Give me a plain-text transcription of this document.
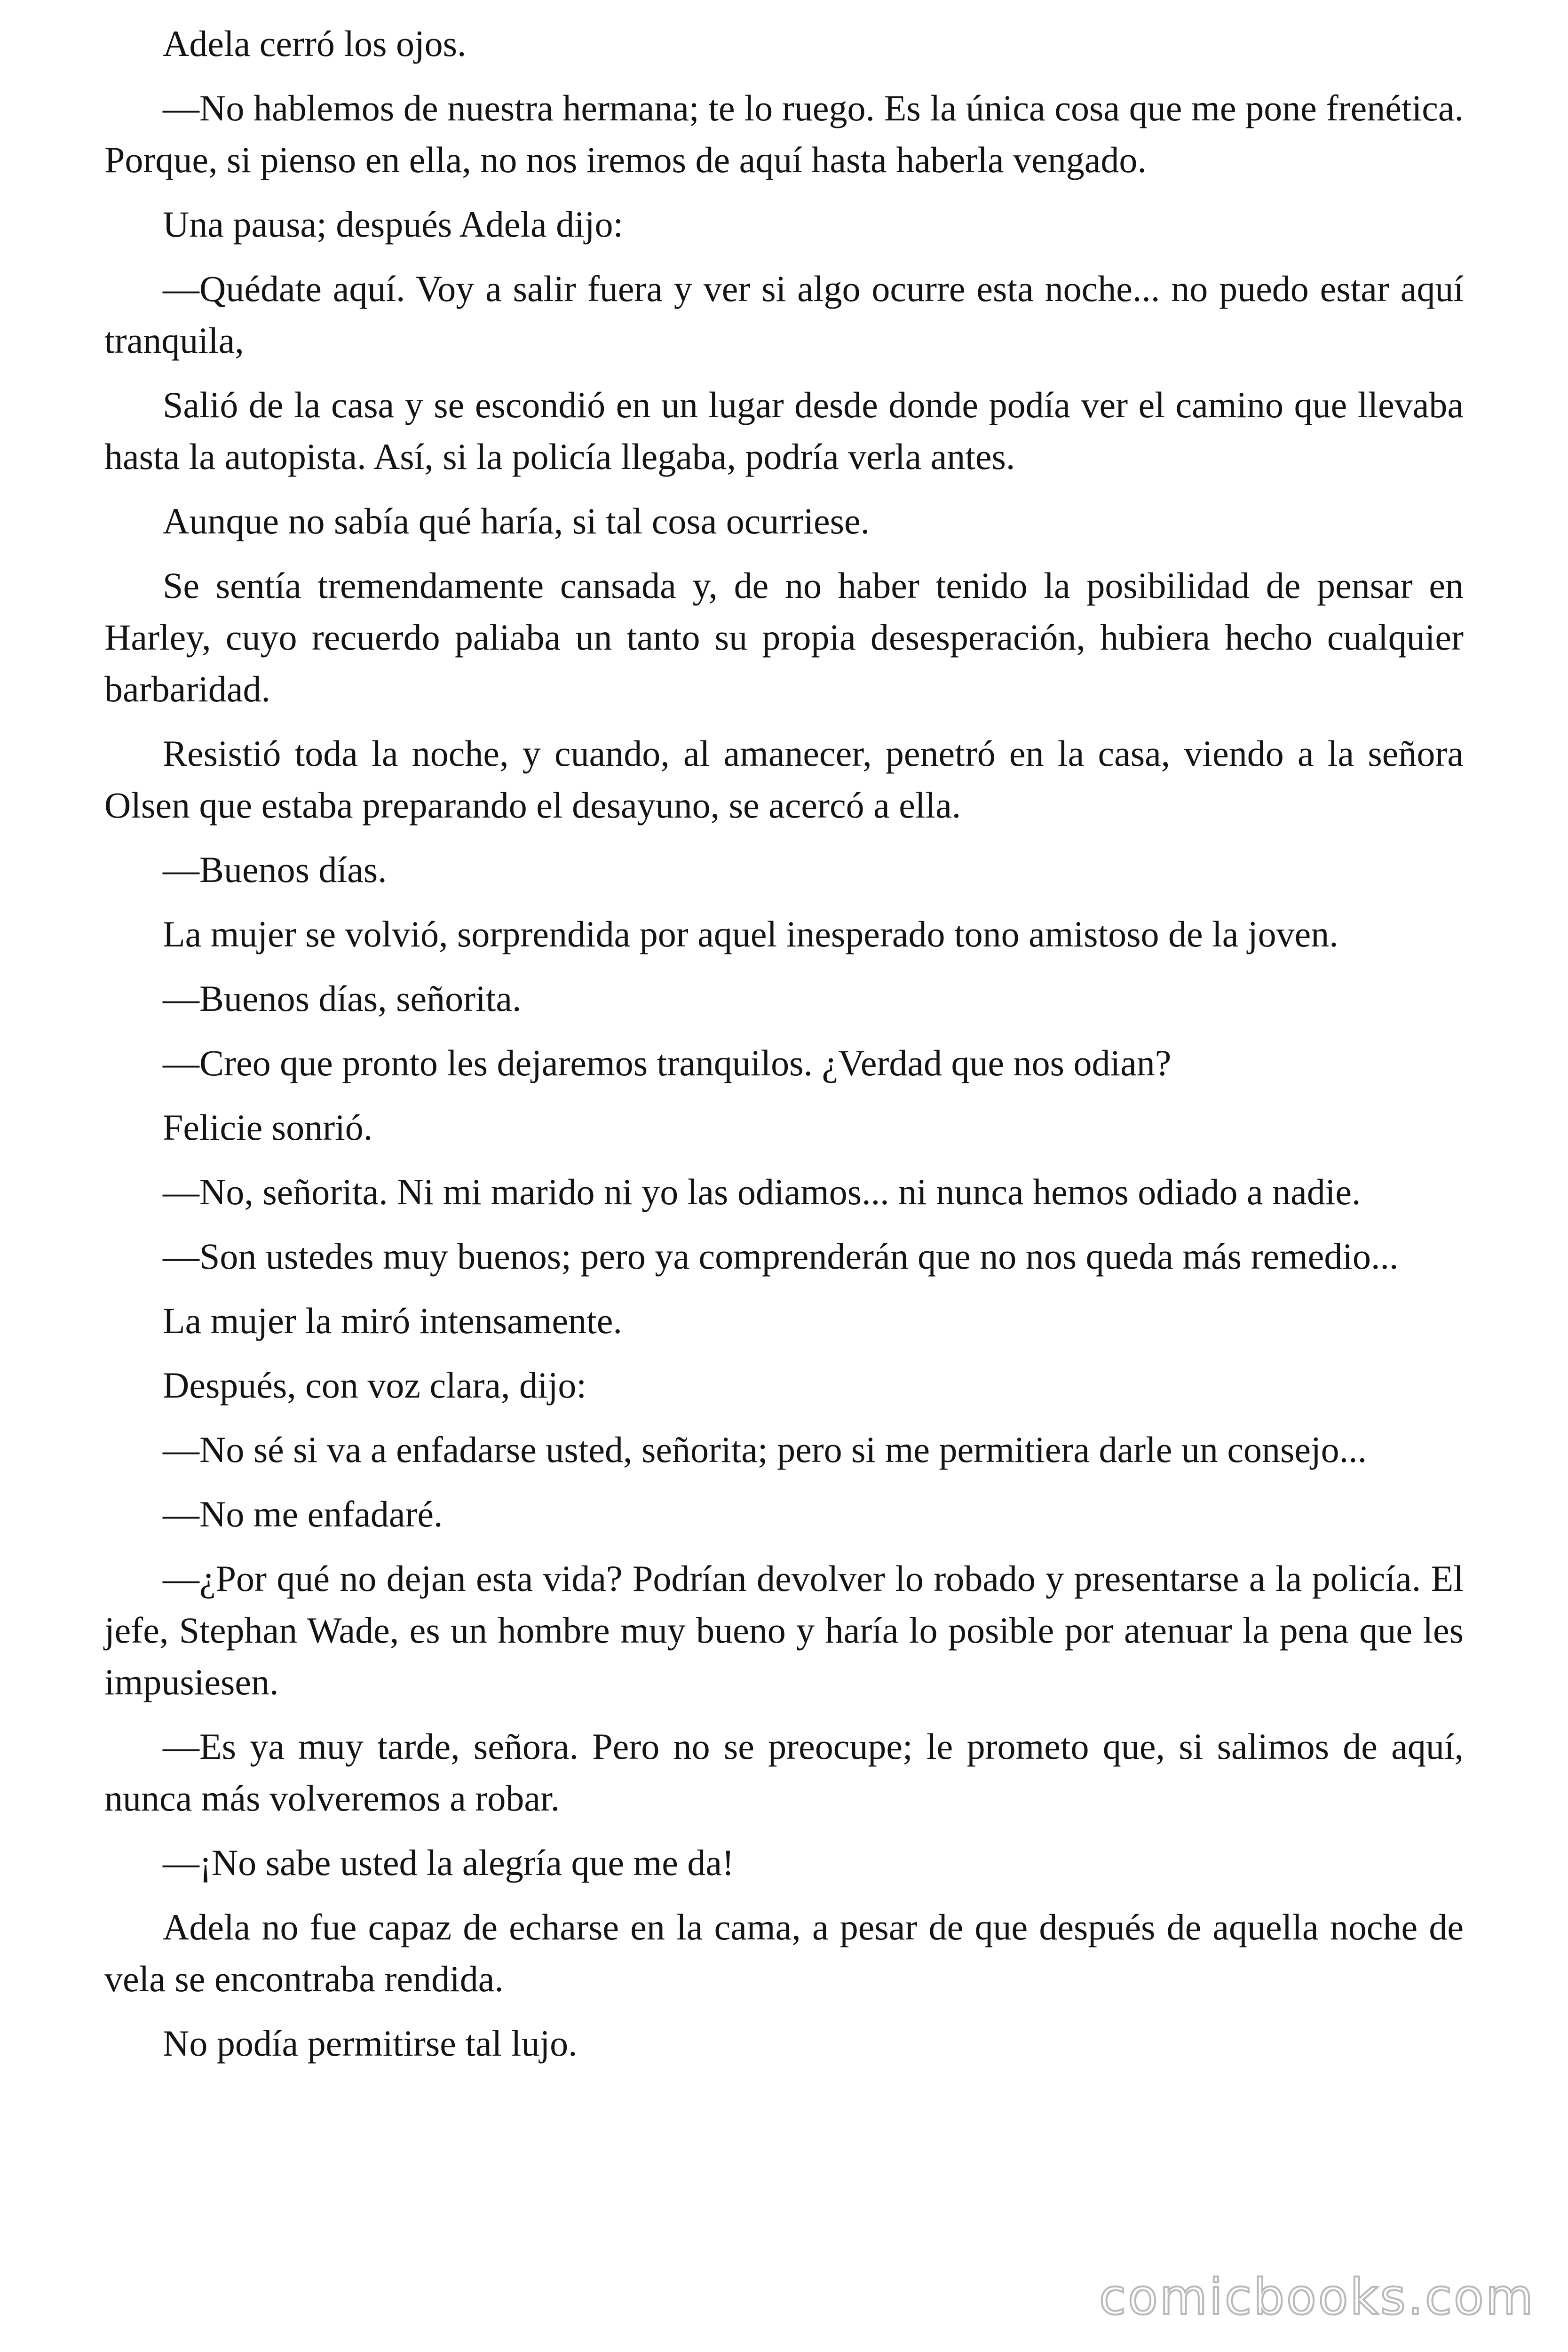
Adela cerró los ojos.

—No hablemos de nuestra hermana; te lo ruego. Es la única cosa que me pone frenética. Porque, si pienso en ella, no nos iremos de aquí hasta haberla vengado.

Una pausa; después Adela dijo:

—Quédate aquí. Voy a salir fuera y ver si algo ocurre esta noche... no puedo estar aquí tranquila,

Salió de la casa y se escondió en un lugar desde donde podía ver el camino que llevaba hasta la autopista. Así, si la policía llegaba, podría verla antes.

Aunque no sabía qué haría, si tal cosa ocurriese.

Se sentía tremendamente cansada y, de no haber tenido la posibilidad de pensar en Harley, cuyo recuerdo paliaba un tanto su propia desesperación, hubiera hecho cualquier barbaridad.

Resistió toda la noche, y cuando, al amanecer, penetró en la casa, viendo a la señora Olsen que estaba preparando el desayuno, se acercó a ella.

—Buenos días.

La mujer se volvió, sorprendida por aquel inesperado tono amistoso de la joven.

—Buenos días, señorita.

—Creo que pronto les dejaremos tranquilos. ¿Verdad que nos odian?

Felicie sonrió.

—No, señorita. Ni mi marido ni yo las odiamos... ni nunca hemos odiado a nadie.

—Son ustedes muy buenos; pero ya comprenderán que no nos queda más remedio...

La mujer la miró intensamente.

Después, con voz clara, dijo:

—No sé si va a enfadarse usted, señorita; pero si me permitiera darle un consejo...

—No me enfadaré.

—¿Por qué no dejan esta vida? Podrían devolver lo robado y presentarse a la policía. El jefe, Stephan Wade, es un hombre muy bueno y haría lo posible por atenuar la pena que les impusiesen.

—Es ya muy tarde, señora. Pero no se preocupe; le prometo que, si salimos de aquí, nunca más volveremos a robar.

—¡No sabe usted la alegría que me da!

Adela no fue capaz de echarse en la cama, a pesar de que después de aquella noche de vela se encontraba rendida.

No podía permitirse tal lujo.

comicbooks.com
